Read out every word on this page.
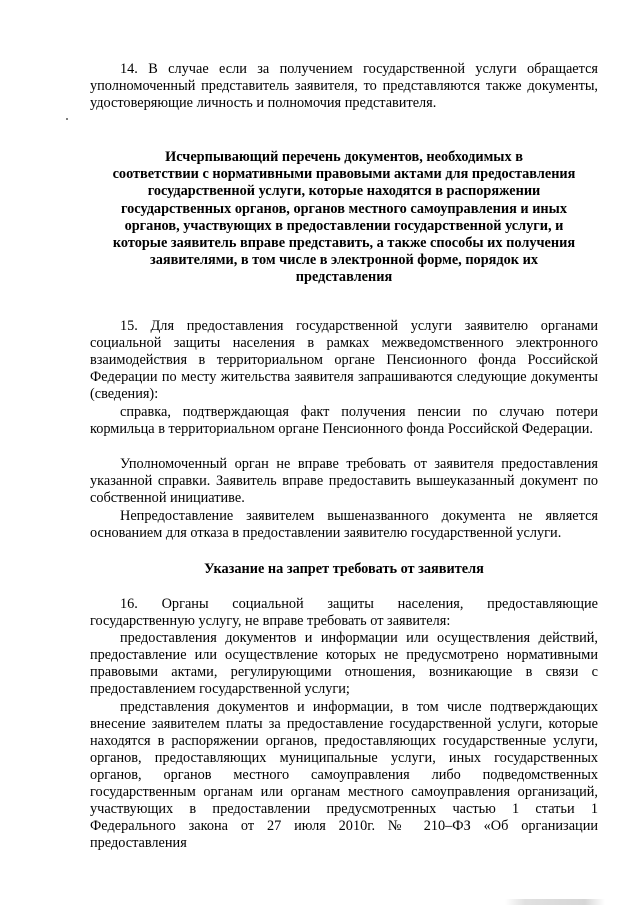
14. В случае если за получением государственной услуги обращается уполномоченный представитель заявителя, то представляются также документы, удостоверяющие личность и полномочия представителя.

Исчерпывающий перечень документов, необходимых в
соответствии с нормативными правовыми актами для предоставления
государственной услуги, которые находятся в распоряжении
государственных органов, органов местного самоуправления и иных
органов, участвующих в предоставлении государственной услуги, и
которые заявитель вправе представить, а также способы их получения
заявителями, в том числе в электронной форме, порядок их
представления

15. Для предоставления государственной услуги заявителю органами социальной защиты населения в рамках межведомственного электронного взаимодействия в территориальном органе Пенсионного фонда Российской Федерации по месту жительства заявителя запрашиваются следующие документы (сведения):

справка, подтверждающая факт получения пенсии по случаю потери кормильца в территориальном органе Пенсионного фонда Российской Федерации.

Уполномоченный орган не вправе требовать от заявителя предоставления указанной справки. Заявитель вправе предоставить вышеуказанный документ по собственной инициативе.

Непредоставление заявителем вышеназванного документа не является основанием для отказа в предоставлении заявителю государственной услуги.

Указание на запрет требовать от заявителя

16. Органы социальной защиты населения, предоставляющие государственную услугу, не вправе требовать от заявителя:

предоставления документов и информации или осуществления действий, предоставление или осуществление которых не предусмотрено нормативными правовыми актами, регулирующими отношения, возникающие в связи с предоставлением государственной услуги;

представления документов и информации, в том числе подтверждающих внесение заявителем платы за предоставление государственной услуги, которые находятся в распоряжении органов, предоставляющих государственные услуги, органов, предоставляющих муниципальные услуги, иных государственных органов, органов местного самоуправления либо подведомственных государственным органам или органам местного самоуправления организаций, участвующих в предоставлении предусмотренных частью 1 статьи 1 Федерального закона от 27 июля 2010г. № 210–ФЗ «Об организации предоставления
